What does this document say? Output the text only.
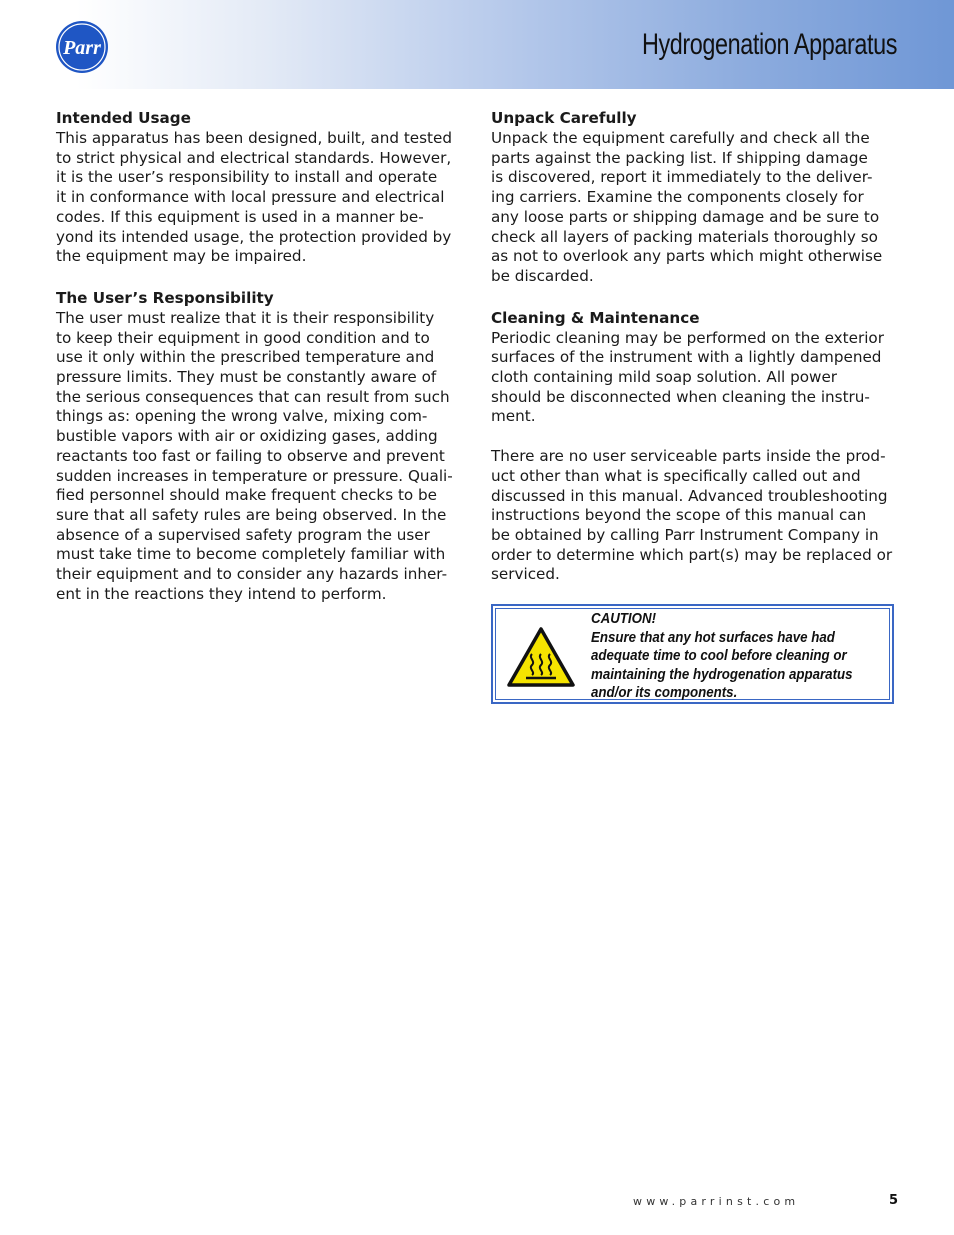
Parr	Hydrogenation Apparatus

Intended Usage

This apparatus has been designed, built, and tested
to strict physical and electrical standards. However,
it is the user’s responsibility to install and operate
it in conformance with local pressure and electrical
codes. If this equipment is used in a manner be-
yond its intended usage, the protection provided by
the equipment may be impaired.

The User’s Responsibility

The user must realize that it is their responsibility
to keep their equipment in good condition and to
use it only within the prescribed temperature and
pressure limits. They must be constantly aware of
the serious consequences that can result from such
things as: opening the wrong valve, mixing com-
bustible vapors with air or oxidizing gases, adding
reactants too fast or failing to observe and prevent
sudden increases in temperature or pressure. Quali-
fied personnel should make frequent checks to be
sure that all safety rules are being observed. In the
absence of a supervised safety program the user
must take time to become completely familiar with
their equipment and to consider any hazards inher-
ent in the reactions they intend to perform.

Unpack Carefully

Unpack the equipment carefully and check all the
parts against the packing list. If shipping damage
is discovered, report it immediately to the deliver-
ing carriers. Examine the components closely for
any loose parts or shipping damage and be sure to
check all layers of packing materials thoroughly so
as not to overlook any parts which might otherwise
be discarded.

Cleaning & Maintenance

Periodic cleaning may be performed on the exterior
surfaces of the instrument with a lightly dampened
cloth containing mild soap solution. All power
should be disconnected when cleaning the instru-
ment.

There are no user serviceable parts inside the prod-
uct other than what is specifically called out and
discussed in this manual. Advanced troubleshooting
instructions beyond the scope of this manual can
be obtained by calling Parr Instrument Company in
order to determine which part(s) may be replaced or
serviced.

CAUTION!
Ensure that any hot surfaces have had adequate time to cool before cleaning or maintaining the hydrogenation apparatus and/or its components.
www.parrinst.com	5
